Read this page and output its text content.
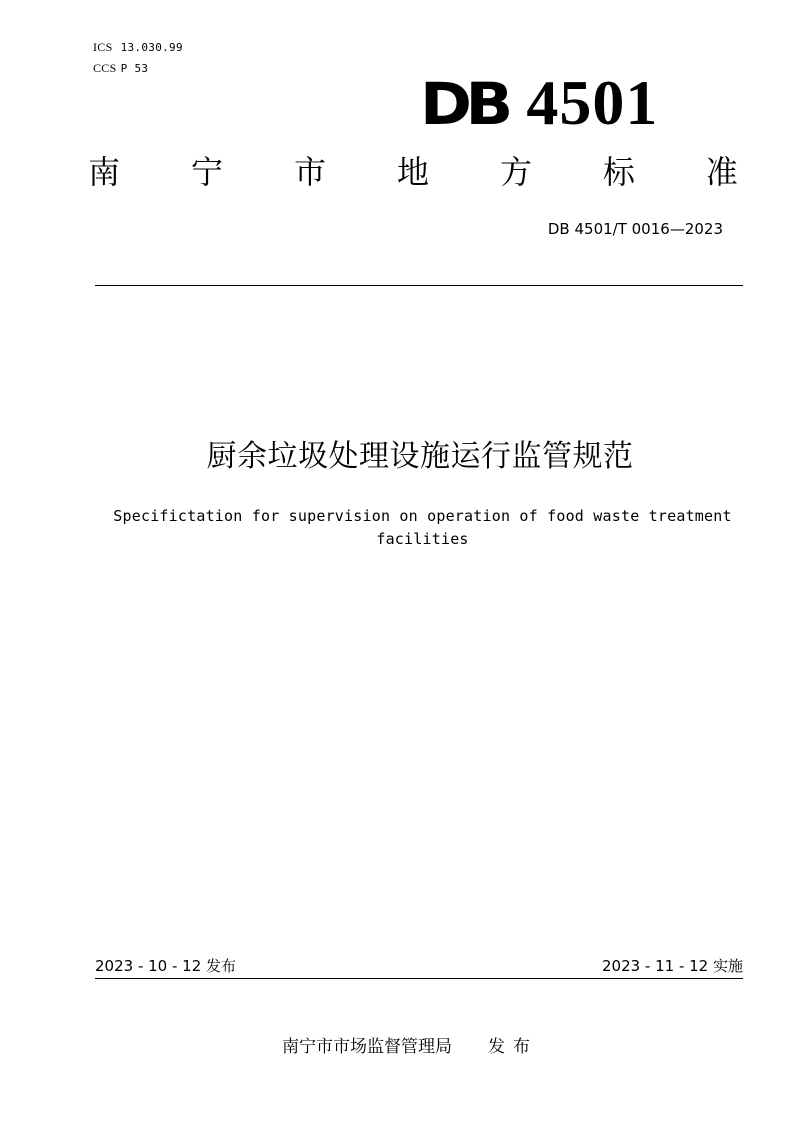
ICS 13.030.99
CCS P 53
DB 4501
南 宁 市 地 方 标 准
DB 4501/T 0016—2023
厨余垃圾处理设施运行监管规范
Specifictation for supervision on operation of food waste treatment
facilities
2023 - 10 - 12 发布	2023 - 11 - 12 实施
南宁市市场监督管理局 发布
